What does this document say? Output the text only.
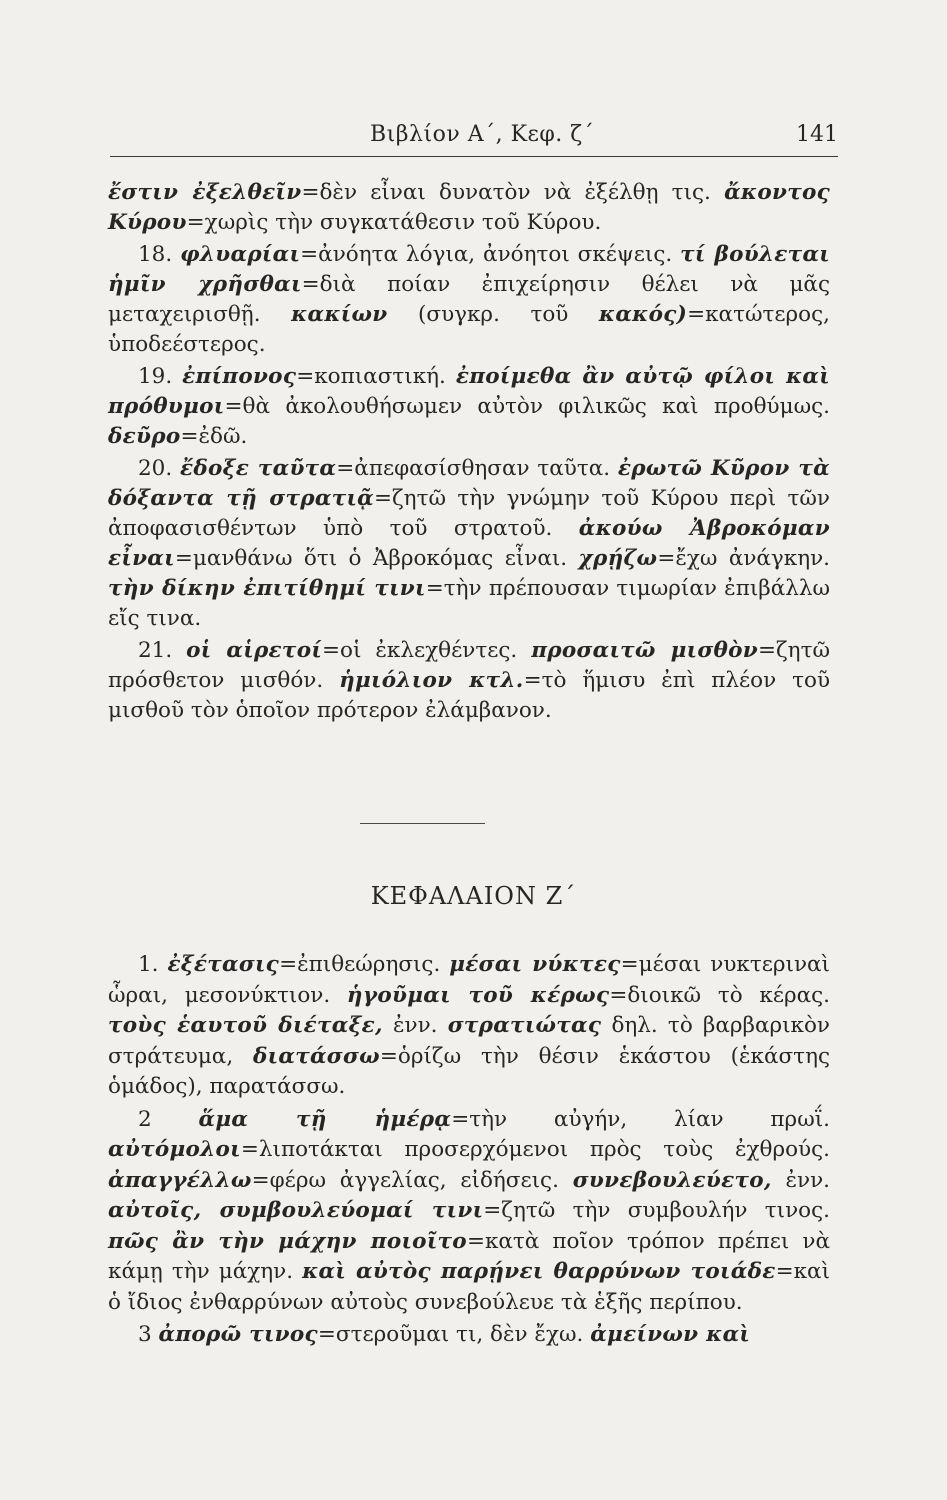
Βιβλίον Α΄, Κεφ. ζ΄	141

ἔστιν ἐξελθεῖν=δὲν εἶναι δυνατὸν νὰ ἐξέλθῃ τις. ἄκοντος Κύρου=χωρὶς τὴν συγκατάθεσιν τοῦ Κύρου.

18. φλυαρίαι=ἀνόητα λόγια, ἀνόητοι σκέψεις. τί βούλεται ἡμῖν χρῆσθαι=διὰ ποίαν ἐπιχείρησιν θέλει νὰ μᾶς μεταχειρισθῇ. κακίων (συγκρ. τοῦ κακός)=κατώτερος, ὑποδεέστερος.

19. ἐπίπονος=κοπιαστική. ἐποίμεθα ἂν αὐτῷ φίλοι καὶ πρόθυμοι=θὰ ἀκολουθήσωμεν αὐτὸν φιλικῶς καὶ προθύμως. δεῦρο=ἐδῶ.

20. ἔδοξε ταῦτα=ἀπεφασίσθησαν ταῦτα. ἐρωτῶ Κῦρον τὰ δόξαντα τῇ στρατιᾷ=ζητῶ τὴν γνώμην τοῦ Κύρου περὶ τῶν ἀποφασισθέντων ὑπὸ τοῦ στρατοῦ. ἀκούω Ἀβροκόμαν εἶναι=μανθάνω ὅτι ὁ Ἀβροκόμας εἶναι. χρῄζω=ἔχω ἀνάγκην. τὴν δίκην ἐπιτίθημί τινι=τὴν πρέπουσαν τιμωρίαν ἐπιβάλλω εἴς τινα.

21. οἱ αἱρετοί=οἱ ἐκλεχθέντες. προσαιτῶ μισθὸν=ζητῶ πρόσθετον μισθόν. ἡμιόλιον κτλ.=τὸ ἥμισυ ἐπὶ πλέον τοῦ μισθοῦ τὸν ὁποῖον πρότερον ἐλάμβανον.

ΚΕΦΑΛΑΙΟΝ Ζ΄

1. ἐξέτασις=ἐπιθεώρησις. μέσαι νύκτες=μέσαι νυκτεριναὶ ὧραι, μεσονύκτιον. ἡγοῦμαι τοῦ κέρως=διοικῶ τὸ κέρας. τοὺς ἑαυτοῦ διέταξε, ἐνν. στρατιώτας δηλ. τὸ βαρβαρικὸν στράτευμα, διατάσσω=ὁρίζω τὴν θέσιν ἑκάστου (ἑκάστης ὁμάδος), παρατάσσω.

2 ἅμα τῇ ἡμέρᾳ=τὴν αὐγήν, λίαν πρωΐ. αὐτόμολοι=λιποτάκται προσερχόμενοι πρὸς τοὺς ἐχθρούς. ἀπαγγέλλω=φέρω ἀγγελίας, εἰδήσεις. συνεβουλεύετο, ἐνν. αὐτοῖς, συμβουλεύομαί τινι=ζητῶ τὴν συμβουλήν τινος. πῶς ἂν τὴν μάχην ποιοῖτο=κατὰ ποῖον τρόπον πρέπει νὰ κάμῃ τὴν μάχην. καὶ αὐτὸς παρῄνει θαρρύνων τοιάδε=καὶ ὁ ἴδιος ἐνθαρρύνων αὐτοὺς συνεβούλευε τὰ ἑξῆς περίπου.

3 ἀπορῶ τινος=στεροῦμαι τι, δὲν ἔχω. ἀμείνων καὶ
